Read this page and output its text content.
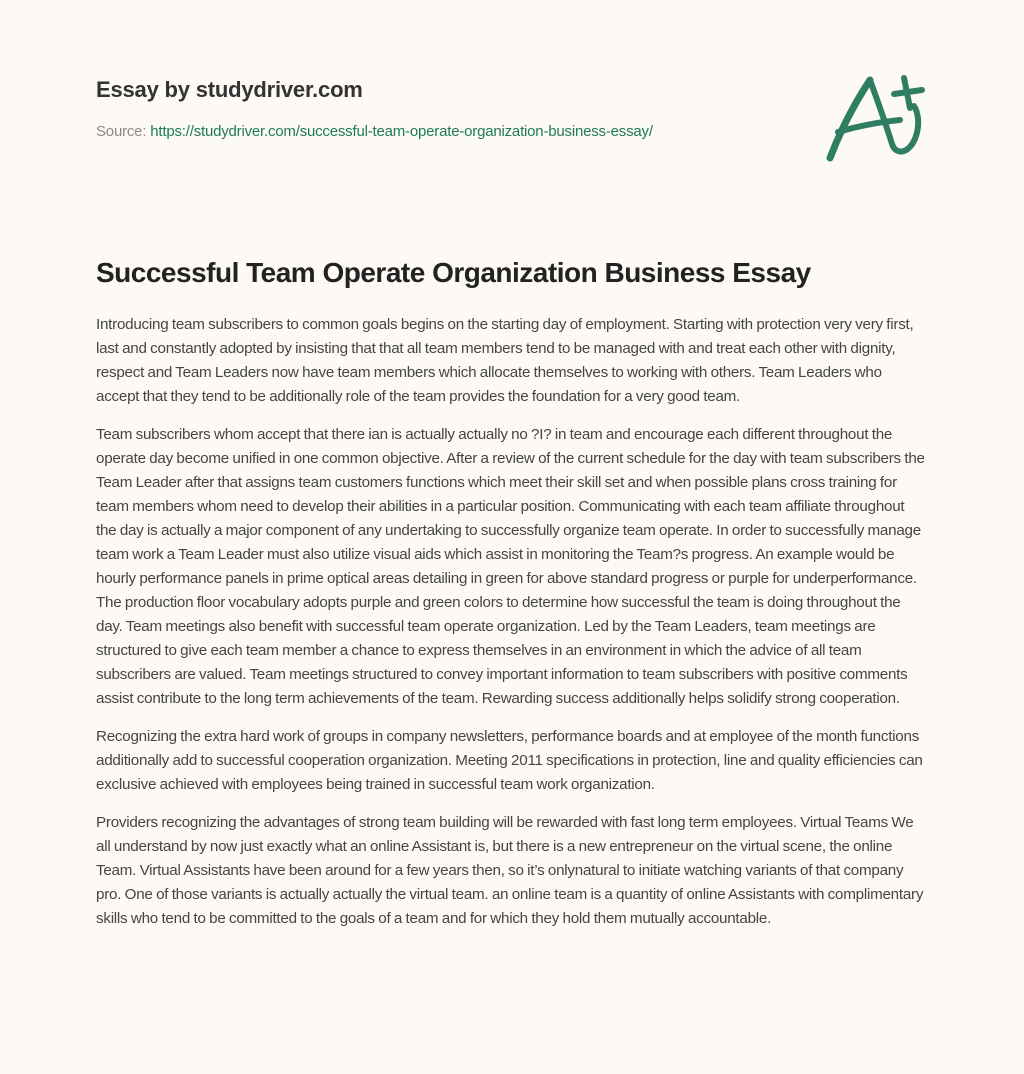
Essay by studydriver.com
Source: https://studydriver.com/successful-team-operate-organization-business-essay/
Successful Team Operate Organization Business Essay

Introducing team subscribers to common goals begins on the starting day of employment. Starting with protection very very first, last and constantly adopted by insisting that that all team members tend to be managed with and treat each other with dignity, respect and Team Leaders now have team members which allocate themselves to working with others. Team Leaders who accept that they tend to be additionally role of the team provides the foundation for a very good team.

Team subscribers whom accept that there ian is actually actually no ?I? in team and encourage each different throughout the operate day become unified in one common objective. After a review of the current schedule for the day with team subscribers the Team Leader after that assigns team customers functions which meet their skill set and when possible plans cross training for team members whom need to develop their abilities in a particular position. Communicating with each team affiliate throughout the day is actually a major component of any undertaking to successfully organize team operate. In order to successfully manage team work a Team Leader must also utilize visual aids which assist in monitoring the Team?s progress. An example would be hourly performance panels in prime optical areas detailing in green for above standard progress or purple for underperformance. The production floor vocabulary adopts purple and green colors to determine how successful the team is doing throughout the day. Team meetings also benefit with successful team operate organization. Led by the Team Leaders, team meetings are structured to give each team member a chance to express themselves in an environment in which the advice of all team subscribers are valued. Team meetings structured to convey important information to team subscribers with positive comments assist contribute to the long term achievements of the team. Rewarding success additionally helps solidify strong cooperation.

Recognizing the extra hard work of groups in company newsletters, performance boards and at employee of the month functions additionally add to successful cooperation organization. Meeting 2011 specifications in protection, line and quality efficiencies can exclusive achieved with employees being trained in successful team work organization.

Providers recognizing the advantages of strong team building will be rewarded with fast long term employees. Virtual Teams We all understand by now just exactly what an online Assistant is, but there is a new entrepreneur on the virtual scene, the online Team. Virtual Assistants have been around for a few years then, so it’s onlynatural to initiate watching variants of that company pro. One of those variants is actually actually the virtual team. an online team is a quantity of online Assistants with complimentary skills who tend to be committed to the goals of a team and for which they hold them mutually accountable.
